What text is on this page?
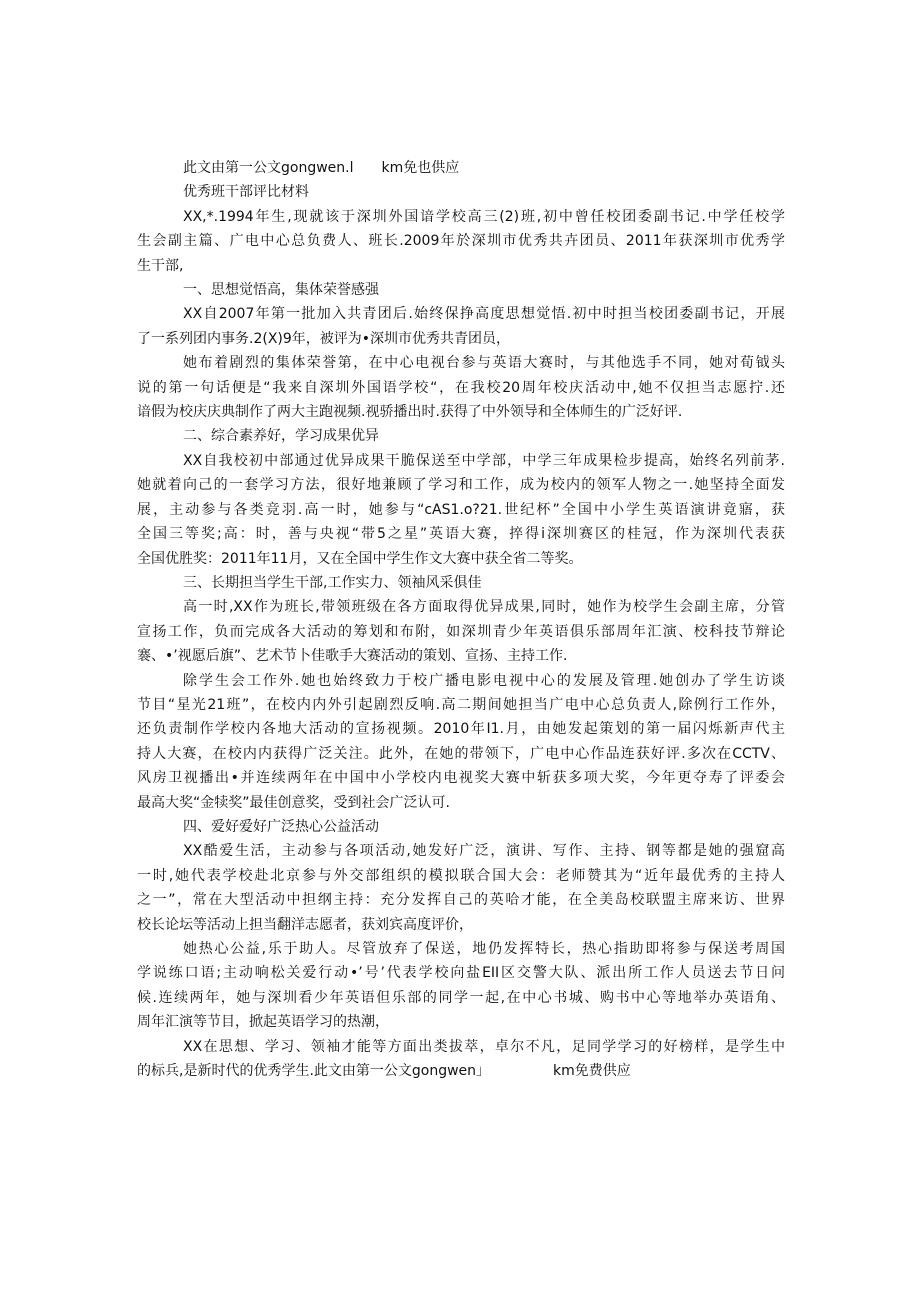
此文由第一公文gongwen.l　　km免也供应
优秀班干部评比材料
XX,*.1994年生,现就该于深圳外国谙学校高三(2)班,初中曾任校团委副书记.中学任校学
生会副主篇、广电中心总负费人、班长.2009年於深圳市优秀共卉团员、2011年获深圳市优秀学
生干部,
一、思想觉悟高，集体荣誉感强
XX自2007年第一批加入共青团后.始终保挣高度思想觉悟.初中时担当校团委副书记，开展
了一系列团内事务.2(X)9年，被评为•深圳市优秀共青团员，
她布着剧烈的集体荣誉第，在中心电视台参与英语大赛时，与其他选手不同，她对荀钺头
说的第一句话便是“我来自深圳外国语学校“，在我校20周年校庆活动中,她不仅担当志愿拧.还
谙假为校庆庆典制作了两大主跑视频.视骄播出时.获得了中外领导和全体师生的广泛好评.
二、综合素养好，学习成果优异
XX自我校初中部通过优异成果干脆保送至中学部，中学三年成果检步提高，始终名列前茅.
她就着向己的一套学习方法，很好地兼顾了学习和工作，成为校内的领军人物之一.她坚持全面发
展，主动参与各类竞羽.高一时，她参与“cAS1.o?21.世纪杯”全国中小学生英语演讲竟寤，获
全国三等奖;高：时，善与央视“带5之星”英语大赛，捽得i深圳赛区的桂冠，作为深圳代表获
全国优胜奖：2011年11月，又在全国中学生作文大赛中获全省二等奖。
三、长期担当学生干部,工作实力、领袖风采俱佳
高一时,XX作为班长,带领班级在各方面取得优异成果,同时，她作为校学生会副主席，分管
宣扬工作，负而完成各大活动的筹划和布附，如深圳青少年英语俱乐部周年汇演、校科技节辩论
褰、•’视愿后旗”、艺术节卜佳歌手大赛活动的策划、宣扬、主持工作.
除学生会工作外.她也始终致力于校广播电影电视中心的发展及管理.她创办了学生访谈
节目“星光21班”，在校内内外引起剧烈反响.高二期间她担当广电中心总负责人,除例行工作外，
还负责制作学校内各地大活动的宣扬视频。2010年I1.月，由她发起策划的第一届闪烁新声代主
持人大赛，在校内内获得广泛关注。此外，在她的带领下，广电中心作品连获好评.多次在CCTV、
风房卫视播出•并连续两年在中国中小学校内电视奖大赛中斩获多项大奖，今年更夺寿了评委会
最高大奖“金犊奖”最佳创意奖，受到社会广泛认可.
四、爱好爱好广泛热心公益活动
XX酷爱生活，主动参与各项活动,她发好广泛，演讲、写作、主持、钢等都是她的强窟高
一时,她代表学校赴北京参与外交部组织的模拟联合国大会：老师赞其为“近年最优秀的主持人
之一”，常在大型活动中担纲主持：充分发挥自己的英哈才能，在全美岛校联盟主席来访、世界
校长论坛等活动上担当翻洋志愿者，获刘宾高度评价，
她热心公益,乐于助人。尽管放弃了保送，地仍发挥特长，热心指助即将参与保送考周国
学说练口语;主动响松关爱行动•’号’代表学校向盐EII区交警大队、派出所工作人员送去节日问
候.连续两年，她与深圳看少年英语但乐部的同学一起,在中心书城、购书中心等地举办英语角、
周年汇演等节目，掀起英语学习的热潮，
XX在思想、学习、领袖才能等方面出类拔萃，卓尔不凡，足同学学习的好榜样，是学生中
的标兵,是新时代的优秀学生.此文由第一公文gongwen」　　　　　km免费供应
